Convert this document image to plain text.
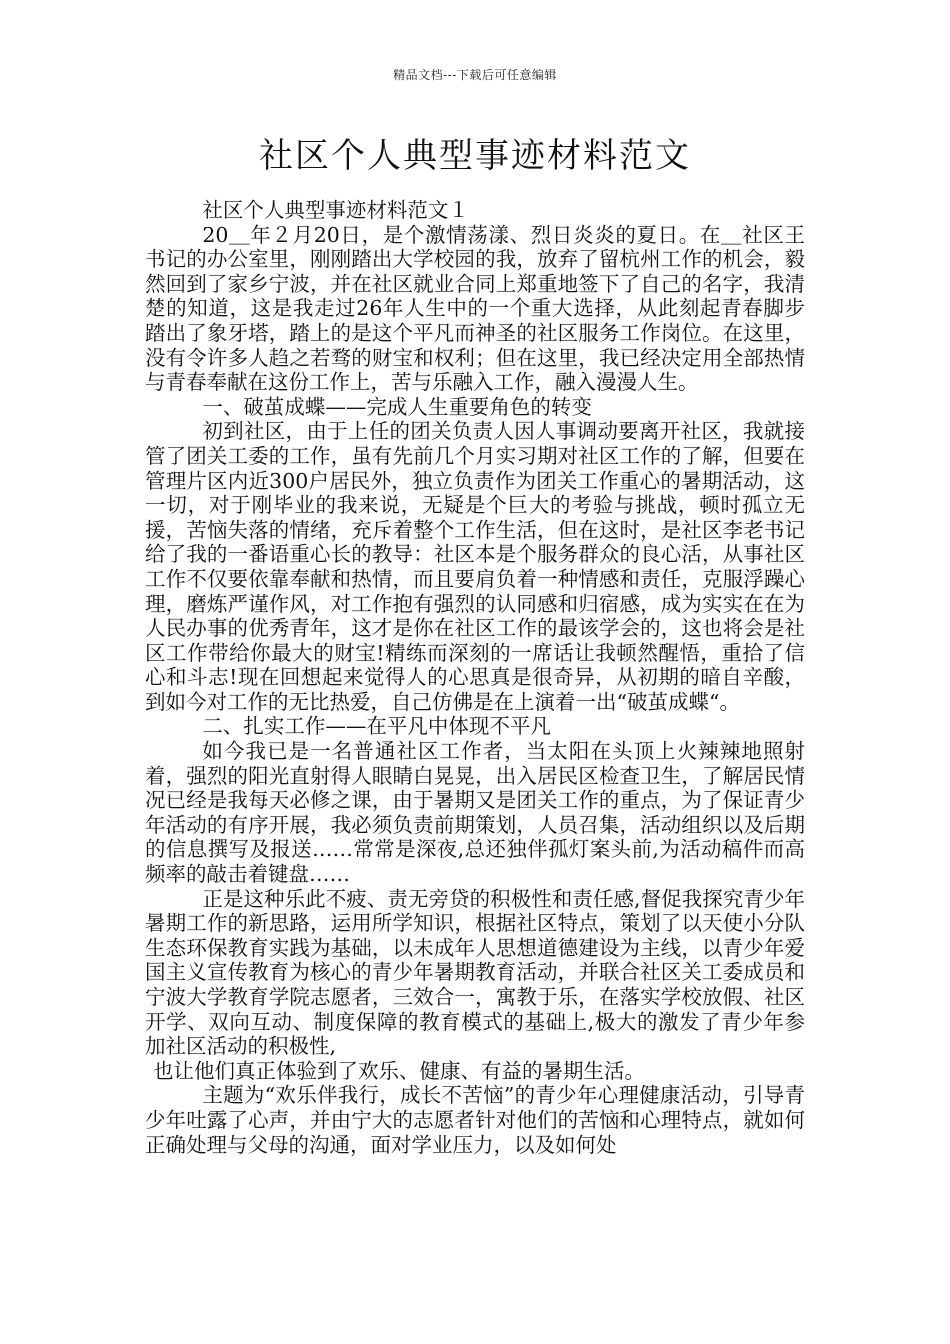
精品文档---下载后可任意编辑
社区个人典型事迹材料范文

社区个人典型事迹材料范文１

20＿年２月20日，是个激情荡漾、烈日炎炎的夏日。在＿社区王书记的办公室里，刚刚踏出大学校园的我，放弃了留杭州工作的机会，毅然回到了家乡宁波，并在社区就业合同上郑重地签下了自己的名字，我清楚的知道，这是我走过26年人生中的一个重大选择，从此刻起青春脚步踏出了象牙塔，踏上的是这个平凡而神圣的社区服务工作岗位。在这里，没有令许多人趋之若骛的财宝和权利；但在这里，我已经决定用全部热情与青春奉献在这份工作上，苦与乐融入工作，融入漫漫人生。

一、破茧成蝶——完成人生重要角色的转变

初到社区，由于上任的团关负责人因人事调动要离开社区，我就接管了团关工委的工作，虽有先前几个月实习期对社区工作的了解，但要在管理片区内近300户居民外，独立负责作为团关工作重心的暑期活动，这一切，对于刚毕业的我来说，无疑是个巨大的考验与挑战，顿时孤立无援，苦恼失落的情绪，充斥着整个工作生活，但在这时，是社区李老书记给了我的一番语重心长的教导：社区本是个服务群众的良心活，从事社区工作不仅要依靠奉献和热情，而且要肩负着一种情感和责任，克服浮躁心理，磨炼严谨作风，对工作抱有强烈的认同感和归宿感，成为实实在在为人民办事的优秀青年，这才是你在社区工作的最该学会的，这也将会是社区工作带给你最大的财宝!精练而深刻的一席话让我顿然醒悟，重拾了信心和斗志!现在回想起来觉得人的心思真是很奇异，从初期的暗自辛酸，到如今对工作的无比热爱，自己仿佛是在上演着一出“破茧成蝶“。

二、扎实工作——在平凡中体现不平凡

如今我已是一名普通社区工作者，当太阳在头顶上火辣辣地照射着，强烈的阳光直射得人眼睛白晃晃，出入居民区检查卫生，了解居民情况已经是我每天必修之课，由于暑期又是团关工作的重点，为了保证青少年活动的有序开展，我必须负责前期策划，人员召集，活动组织以及后期的信息撰写及报送……常常是深夜,总还独伴孤灯案头前,为活动稿件而高频率的敲击着键盘……

正是这种乐此不疲、责无旁贷的积极性和责任感,督促我探究青少年暑期工作的新思路，运用所学知识，根据社区特点，策划了以天使小分队生态环保教育实践为基础，以未成年人思想道德建设为主线，以青少年爱国主义宣传教育为核心的青少年暑期教育活动，并联合社区关工委成员和宁波大学教育学院志愿者，三效合一，寓教于乐，在落实学校放假、社区开学、双向互动、制度保障的教育模式的基础上,极大的激发了青少年参加社区活动的积极性,

也让他们真正体验到了欢乐、健康、有益的暑期生活。

主题为“欢乐伴我行，成长不苦恼”的青少年心理健康活动，引导青少年吐露了心声，并由宁大的志愿者针对他们的苦恼和心理特点，就如何正确处理与父母的沟通，面对学业压力，以及如何处
